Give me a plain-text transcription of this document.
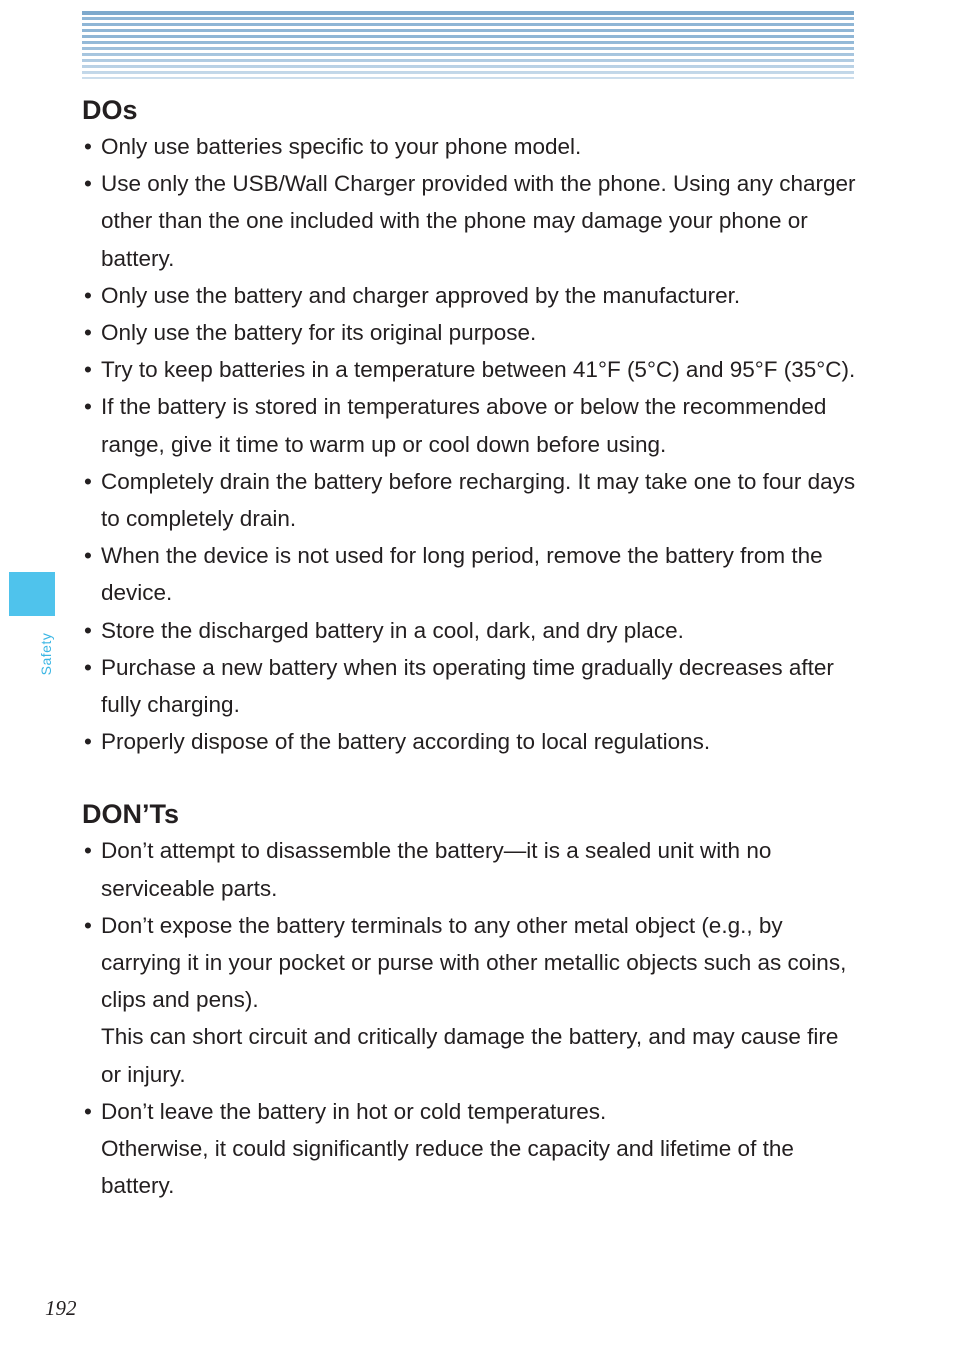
Safety
DOs
• Only use batteries specific to your phone model.
• Use only the USB/Wall Charger provided with the phone. Using any charger other than the one included with the phone may damage your phone or battery.
• Only use the battery and charger approved by the manufacturer.
• Only use the battery for its original purpose.
• Try to keep batteries in a temperature between 41°F (5°C) and 95°F (35°C).
• If the battery is stored in temperatures above or below the recommended range, give it time to warm up or cool down before using.
• Completely drain the battery before recharging. It may take one to four days to completely drain.
• When the device is not used for long period, remove the battery from the device.
• Store the discharged battery in a cool, dark, and dry place.
• Purchase a new battery when its operating time gradually decreases after fully charging.
• Properly dispose of the battery according to local regulations.
DON’Ts
• Don’t attempt to disassemble the battery—it is a sealed unit with no serviceable parts.
• Don’t expose the battery terminals to any other metal object (e.g., by carrying it in your pocket or purse with other metallic objects such as coins, clips and pens).
This can short circuit and critically damage the battery, and may cause fire or injury.
• Don’t leave the battery in hot or cold temperatures.
Otherwise, it could significantly reduce the capacity and lifetime of the battery.
192
